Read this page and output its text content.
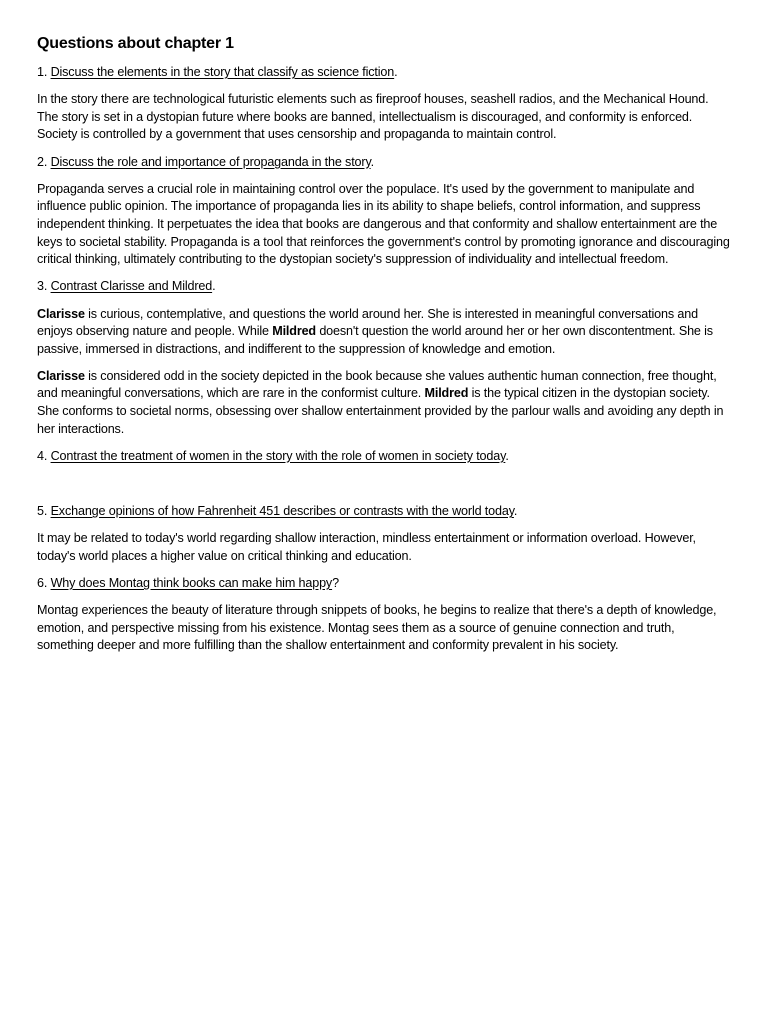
Questions about chapter 1
1. Discuss the elements in the story that classify as science fiction.
In the story there are technological futuristic elements such as fireproof houses, seashell radios, and the Mechanical Hound. The story is set in a dystopian future where books are banned, intellectualism is discouraged, and conformity is enforced. Society is controlled by a government that uses censorship and propaganda to maintain control.
2. Discuss the role and importance of propaganda in the story.
Propaganda serves a crucial role in maintaining control over the populace. It's used by the government to manipulate and influence public opinion. The importance of propaganda lies in its ability to shape beliefs, control information, and suppress independent thinking. It perpetuates the idea that books are dangerous and that conformity and shallow entertainment are the keys to societal stability. Propaganda is a tool that reinforces the government's control by promoting ignorance and discouraging critical thinking, ultimately contributing to the dystopian society's suppression of individuality and intellectual freedom.
3. Contrast Clarisse and Mildred.
Clarisse is curious, contemplative, and questions the world around her. She is interested in meaningful conversations and enjoys observing nature and people. While Mildred doesn't question the world around her or her own discontentment. She is passive, immersed in distractions, and indifferent to the suppression of knowledge and emotion.
Clarisse is considered odd in the society depicted in the book because she values authentic human connection, free thought, and meaningful conversations, which are rare in the conformist culture. Mildred is the typical citizen in the dystopian society. She conforms to societal norms, obsessing over shallow entertainment provided by the parlour walls and avoiding any depth in her interactions.
4. Contrast the treatment of women in the story with the role of women in society today.
5. Exchange opinions of how Fahrenheit 451 describes or contrasts with the world today.
It may be related to today's world regarding shallow interaction, mindless entertainment or information overload. However, today's world places a higher value on critical thinking and education.
6. Why does Montag think books can make him happy?
Montag experiences the beauty of literature through snippets of books, he begins to realize that there's a depth of knowledge, emotion, and perspective missing from his existence. Montag sees them as a source of genuine connection and truth, something deeper and more fulfilling than the shallow entertainment and conformity prevalent in his society.
